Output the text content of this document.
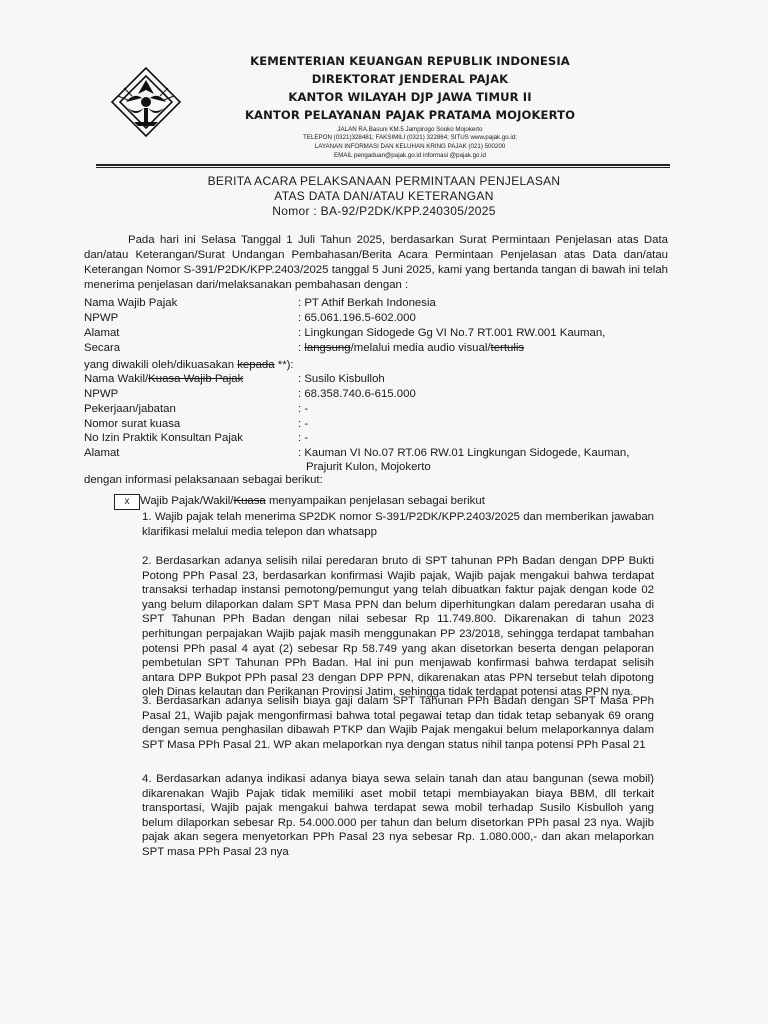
KEMENTERIAN KEUANGAN REPUBLIK INDONESIA
DIREKTORAT JENDERAL PAJAK
KANTOR WILAYAH DJP JAWA TIMUR II
KANTOR PELAYANAN PAJAK PRATAMA MOJOKERTO
JALAN RA.Basuni KM.5 Jampirogo Sooko Mojokerto
TELEPON (0321)328481; FAKSIMILI (0321) 322864; SITUS www.pajak.go.id;
LAYANAN INFORMASI DAN KELUHAN KRING PAJAK (021) 500200
EMAIL pengaduan@pajak.go.id informasi @pajak.go.id
BERITA ACARA PELAKSANAAN PERMINTAAN PENJELASAN
ATAS DATA DAN/ATAU KETERANGAN
Nomor : BA-92/P2DK/KPP.240305/2025
Pada hari ini Selasa Tanggal 1 Juli Tahun 2025, berdasarkan Surat Permintaan Penjelasan atas Data dan/atau Keterangan/Surat Undangan Pembahasan/Berita Acara Permintaan Penjelasan atas Data dan/atau Keterangan Nomor S-391/P2DK/KPP.2403/2025 tanggal 5 Juni 2025, kami yang bertanda tangan di bawah ini telah menerima penjelasan dari/melaksanakan pembahasan dengan :
Nama Wajib Pajak	: PT Athif Berkah Indonesia
NPWP	: 65.061.196.5-602.000
Alamat	: Lingkungan Sidogede Gg VI No.7 RT.001 RW.001 Kauman,
Secara	: langsung/melalui media audio visual/tertulis
yang diwakili oleh/dikuasakan kepada **):
Nama Wakil/Kuasa Wajib Pajak	: Susilo Kisbulloh
NPWP	: 68.358.740.6-615.000
Pekerjaan/jabatan	: -
Nomor surat kuasa	: -
No Izin Praktik Konsultan Pajak	: -
Alamat	: Kauman VI No.07 RT.06 RW.01 Lingkungan Sidogede, Kauman,
Prajurit Kulon, Mojokerto
dengan informasi pelaksanaan sebagai berikut:
x Wajib Pajak/Wakil/Kuasa menyampaikan penjelasan sebagai berikut
1. Wajib pajak telah menerima SP2DK nomor S-391/P2DK/KPP.2403/2025 dan memberikan jawaban klarifikasi melalui media telepon dan whatsapp
2. Berdasarkan adanya selisih nilai peredaran bruto di SPT tahunan PPh Badan dengan DPP Bukti Potong PPh Pasal 23, berdasarkan konfirmasi Wajib pajak, Wajib pajak mengakui bahwa terdapat transaksi terhadap instansi pemotong/pemungut yang telah dibuatkan faktur pajak dengan kode 02 yang belum dilaporkan dalam SPT Masa PPN dan belum diperhitungkan dalam peredaran usaha di SPT Tahunan PPh Badan dengan nilai sebesar Rp 11.749.800. Dikarenakan di tahun 2023 perhitungan perpajakan Wajib pajak masih menggunakan PP 23/2018, sehingga terdapat tambahan potensi PPh pasal 4 ayat (2) sebesar Rp 58.749 yang akan disetorkan beserta dengan pelaporan pembetulan SPT Tahunan PPh Badan. Hal ini pun menjawab konfirmasi bahwa terdapat selisih antara DPP Bukpot PPh pasal 23 dengan DPP PPN, dikarenakan atas PPN tersebut telah dipotong oleh Dinas kelautan dan Perikanan Provinsi Jatim, sehingga tidak terdapat potensi atas PPN nya.
3. Berdasarkan adanya selisih biaya gaji dalam SPT Tahunan PPh Badan dengan SPT Masa PPh Pasal 21, Wajib pajak mengonfirmasi bahwa total pegawai tetap dan tidak tetap sebanyak 69 orang dengan semua penghasilan dibawah PTKP dan Wajib Pajak mengakui belum melaporkannya dalam SPT Masa PPh Pasal 21. WP akan melaporkan nya dengan status nihil tanpa potensi PPh Pasal 21
4. Berdasarkan adanya indikasi adanya biaya sewa selain tanah dan atau bangunan (sewa mobil) dikarenakan Wajib Pajak tidak memiliki aset mobil tetapi membiayakan biaya BBM, dll terkait transportasi, Wajib pajak mengakui bahwa terdapat sewa mobil terhadap Susilo Kisbulloh yang belum dilaporkan sebesar Rp. 54.000.000 per tahun dan belum disetorkan PPh pasal 23 nya. Wajib pajak akan segera menyetorkan PPh Pasal 23 nya sebesar Rp. 1.080.000,- dan akan melaporkan SPT masa PPh Pasal 23 nya
